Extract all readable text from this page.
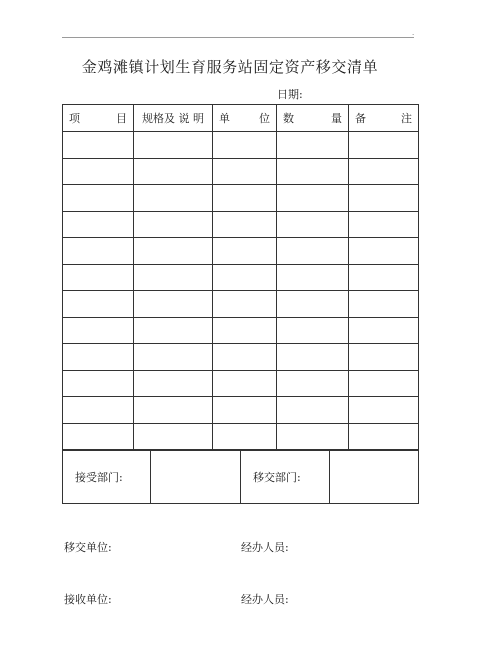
.
金鸡滩镇计划生育服务站固定资产移交清单
日期:
项 目	规格及 说 明	单 位	数 量	备 注

接受部门:		移交部门:	
移交单位:	经办人员:
接收单位:	经办人员:
